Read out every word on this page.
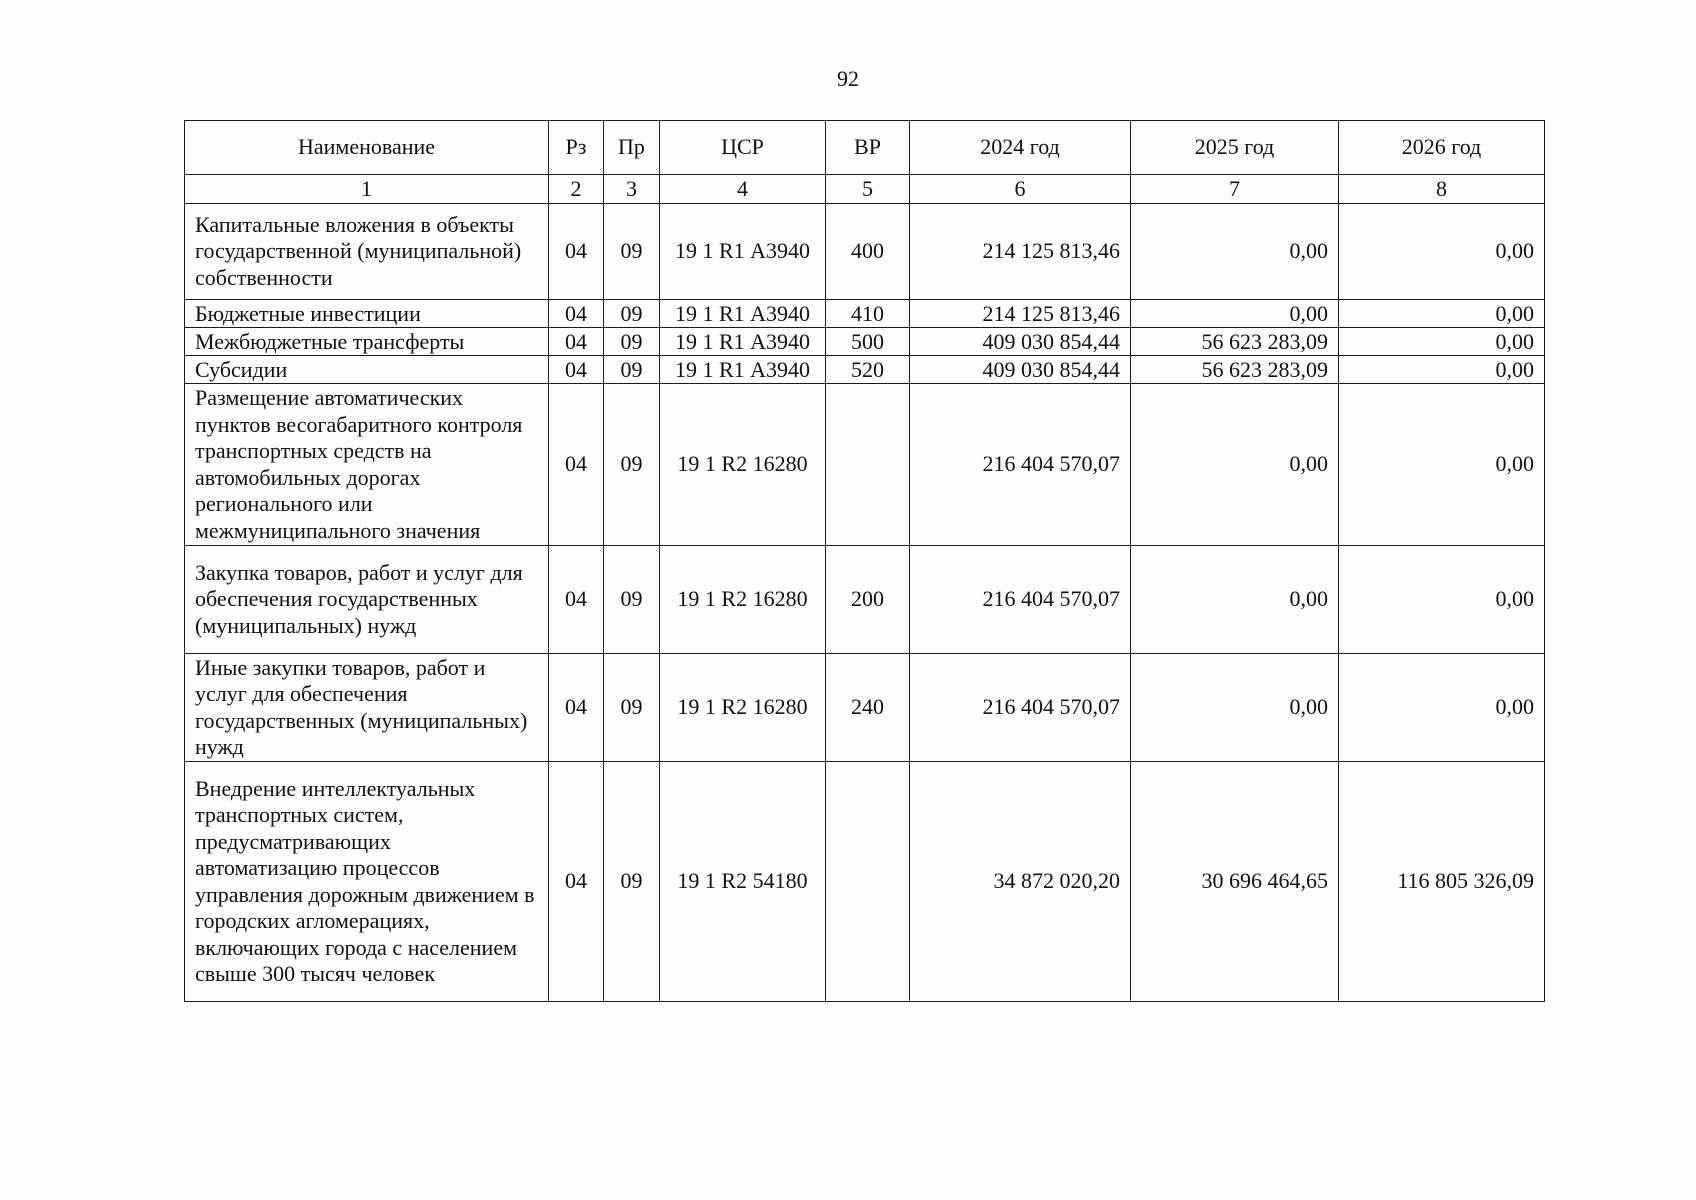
92
Наименование	Рз	Пр	ЦСР	ВР	2024 год	2025 год	2026 год
1	2	3	4	5	6	7	8
Капитальные вложения в объекты государственной (муниципальной) собственности	04	09	19 1 R1 А3940	400	214 125 813,46	0,00	0,00
Бюджетные инвестиции	04	09	19 1 R1 А3940	410	214 125 813,46	0,00	0,00
Межбюджетные трансферты	04	09	19 1 R1 А3940	500	409 030 854,44	56 623 283,09	0,00
Субсидии	04	09	19 1 R1 А3940	520	409 030 854,44	56 623 283,09	0,00
Размещение автоматических пунктов весогабаритного контроля транспортных средств на автомобильных дорогах регионального или межмуниципального значения	04	09	19 1 R2 16280		216 404 570,07	0,00	0,00
Закупка товаров, работ и услуг для обеспечения государственных (муниципальных) нужд	04	09	19 1 R2 16280	200	216 404 570,07	0,00	0,00
Иные закупки товаров, работ и услуг для обеспечения государственных (муниципальных) нужд	04	09	19 1 R2 16280	240	216 404 570,07	0,00	0,00
Внедрение интеллектуальных транспортных систем, предусматривающих автоматизацию процессов управления дорожным движением в городских агломерациях, включающих города с населением свыше 300 тысяч человек	04	09	19 1 R2 54180		34 872 020,20	30 696 464,65	116 805 326,09
